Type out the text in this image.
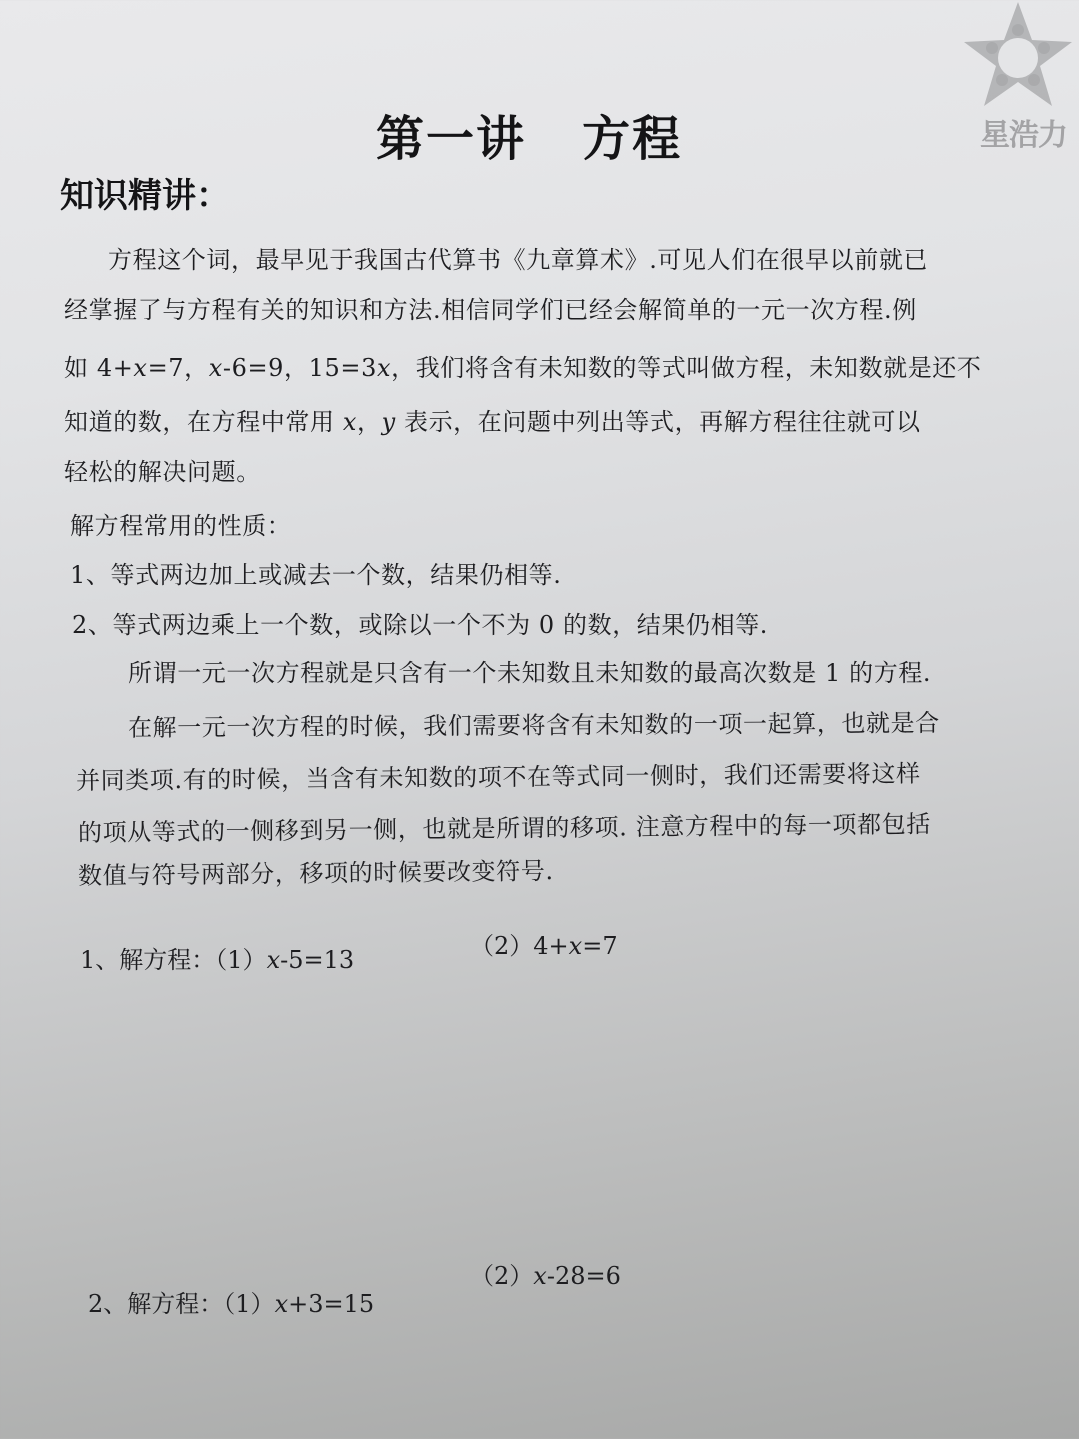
星浩力
第一讲   方程
知识精讲：
方程这个词，最早见于我国古代算书《九章算术》.可见人们在很早以前就已
经掌握了与方程有关的知识和方法.相信同学们已经会解简单的一元一次方程.例
如 4+x=7，x-6=9，15=3x，我们将含有未知数的等式叫做方程，未知数就是还不
知道的数，在方程中常用 x，y 表示，在问题中列出等式，再解方程往往就可以
轻松的解决问题。
解方程常用的性质：
1、等式两边加上或减去一个数，结果仍相等.
2、等式两边乘上一个数，或除以一个不为 0 的数，结果仍相等.
所谓一元一次方程就是只含有一个未知数且未知数的最高次数是 1 的方程.
在解一元一次方程的时候，我们需要将含有未知数的一项一起算，也就是合
并同类项.有的时候，当含有未知数的项不在等式同一侧时，我们还需要将这样
的项从等式的一侧移到另一侧，也就是所谓的移项. 注意方程中的每一项都包括
数值与符号两部分，移项的时候要改变符号.
1、解方程：（1）x-5=13	（2）4+x=7
2、解方程：（1）x+3=15
（2）x-28=6
